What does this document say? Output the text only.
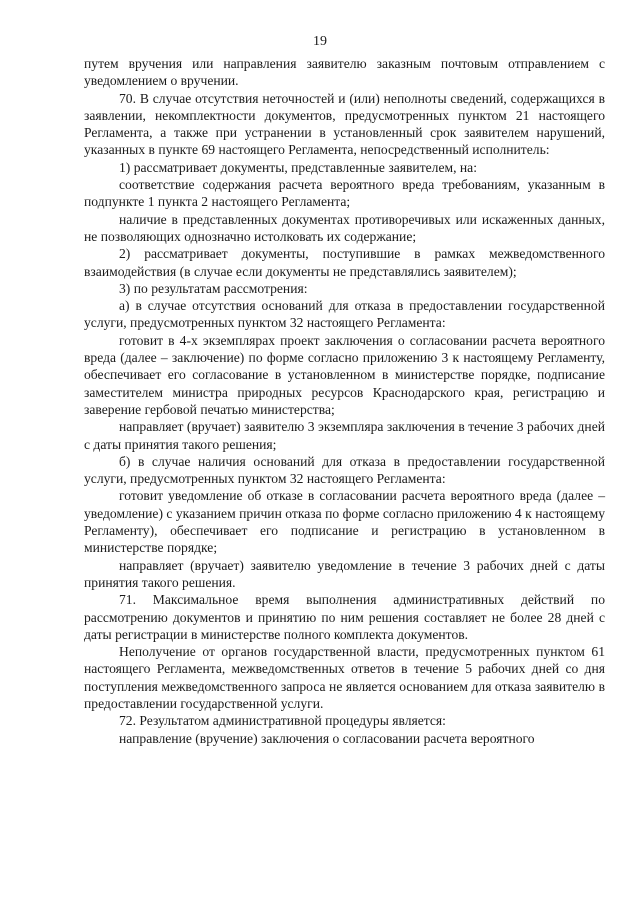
19

путем вручения или направления заявителю заказным почтовым отправлением с уведомлением о вручении.

70. В случае отсутствия неточностей и (или) неполноты сведений, содержащихся в заявлении, некомплектности документов, предусмотренных пунктом 21 настоящего Регламента, а также при устранении в установленный срок заявителем нарушений, указанных в пункте 69 настоящего Регламента, непосредственный исполнитель:

1) рассматривает документы, представленные заявителем, на:

соответствие содержания расчета вероятного вреда требованиям, указанным в подпункте 1 пункта 2 настоящего Регламента;

наличие в представленных документах противоречивых или искаженных данных, не позволяющих однозначно истолковать их содержание;

2) рассматривает документы, поступившие в рамках межведомственного взаимодействия (в случае если документы не представлялись заявителем);

3) по результатам рассмотрения:

а) в случае отсутствия оснований для отказа в предоставлении государственной услуги, предусмотренных пунктом 32 настоящего Регламента:

готовит в 4-х экземплярах проект заключения о согласовании расчета вероятного вреда (далее – заключение) по форме согласно приложению 3 к настоящему Регламенту, обеспечивает его согласование в установленном в министерстве порядке, подписание заместителем министра природных ресурсов Краснодарского края, регистрацию и заверение гербовой печатью министерства;

направляет (вручает) заявителю 3 экземпляра заключения в течение 3 рабочих дней с даты принятия такого решения;

б) в случае наличия оснований для отказа в предоставлении государственной услуги, предусмотренных пунктом 32 настоящего Регламента:

готовит уведомление об отказе в согласовании расчета вероятного вреда (далее – уведомление) с указанием причин отказа по форме согласно приложению 4 к настоящему Регламенту), обеспечивает его подписание и регистрацию в установленном в министерстве порядке;

направляет (вручает) заявителю уведомление в течение 3 рабочих дней с даты принятия такого решения.

71. Максимальное время выполнения административных действий по рассмотрению документов и принятию по ним решения составляет не более 28 дней с даты регистрации в министерстве полного комплекта документов.

Неполучение от органов государственной власти, предусмотренных пунктом 61 настоящего Регламента, межведомственных ответов в течение 5 рабочих дней со дня поступления межведомственного запроса не является основанием для отказа заявителю в предоставлении государственной услуги.

72. Результатом административной процедуры является:

направление (вручение) заключения о согласовании расчета вероятного
